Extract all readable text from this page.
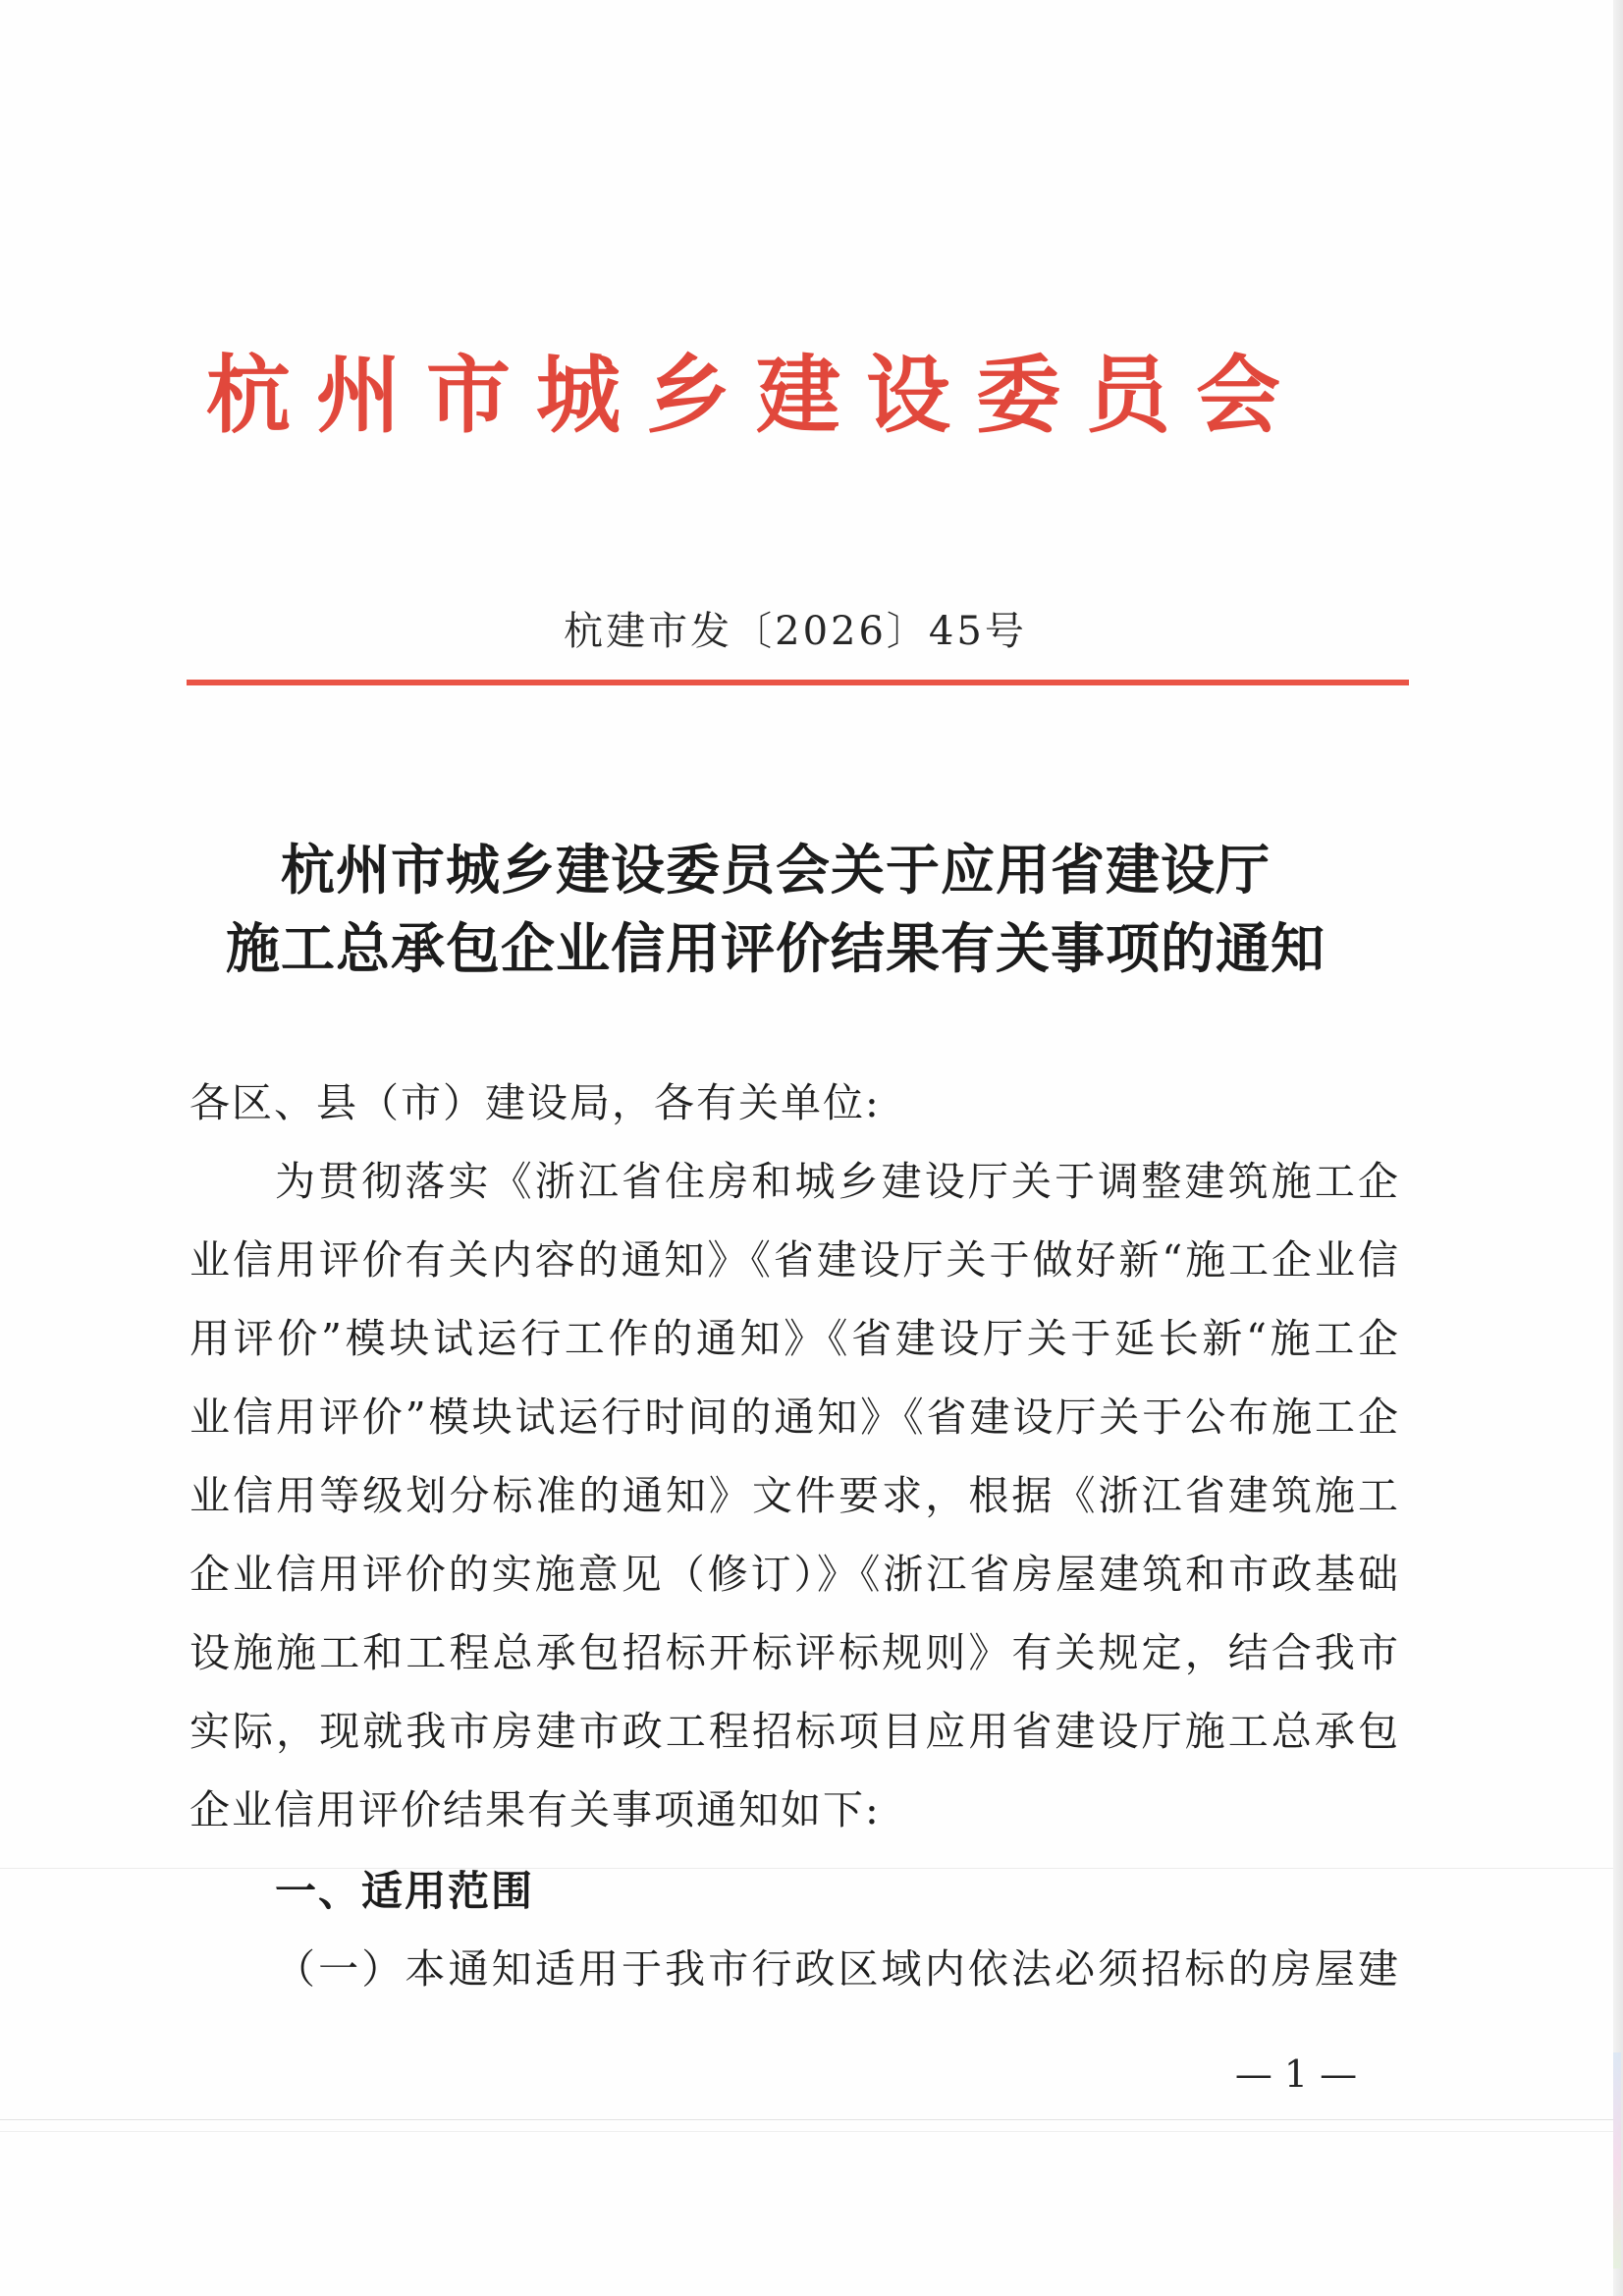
杭州市城乡建设委员会
杭建市发〔2026〕45号
杭州市城乡建设委员会关于应用省建设厅
施工总承包企业信用评价结果有关事项的通知
各区、县（市）建设局，各有关单位:
为贯彻落实《浙江省住房和城乡建设厅关于调整建筑施工企
业信用评价有关内容的通知》《省建设厅关于做好新“施工企业信
用评价”模块试运行工作的通知》《省建设厅关于延长新“施工企
业信用评价”模块试运行时间的通知》《省建设厅关于公布施工企
业信用等级划分标准的通知》文件要求，根据《浙江省建筑施工
企业信用评价的实施意见（修订）》《浙江省房屋建筑和市政基础
设施施工和工程总承包招标开标评标规则》有关规定，结合我市
实际，现就我市房建市政工程招标项目应用省建设厅施工总承包
企业信用评价结果有关事项通知如下:
一、适用范围
（一）本通知适用于我市行政区域内依法必须招标的房屋建
— 1 —
